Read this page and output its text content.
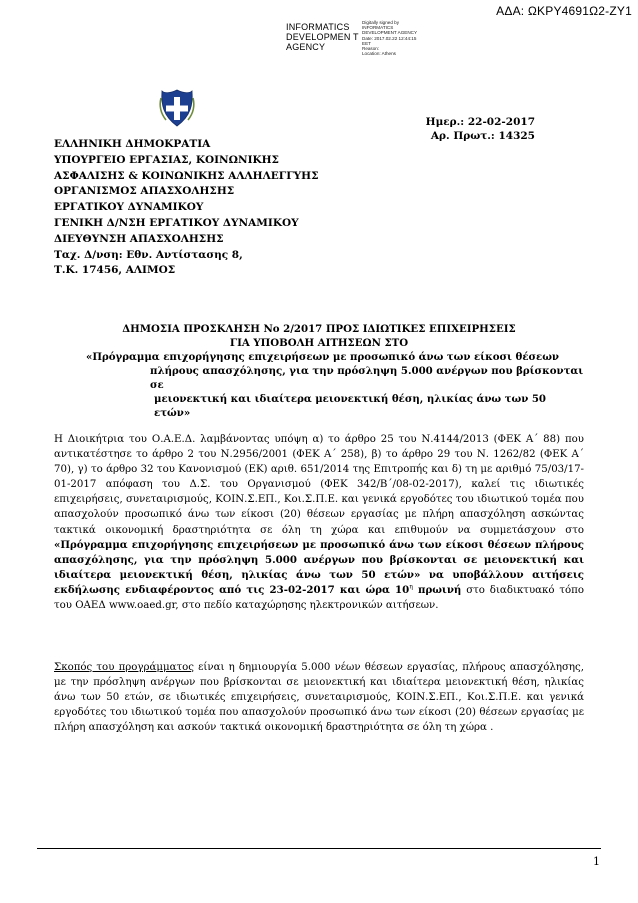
ΑΔΑ: ΩΚΡΥ4691Ω2-ΖΥ1
INFORMATICS DEVELOPMEN T AGENCY
Digitally signed by
INFORMATICS
DEVELOPMENT AGENCY
Date: 2017.02.22 12:44:15
EET
Reason:
Location: Athens
Ημερ.: 22-02-2017
Αρ. Πρωτ.: 14325
ΕΛΛΗΝΙΚΗ ΔΗΜΟΚΡΑΤΙΑ
ΥΠΟΥΡΓΕΙΟ ΕΡΓΑΣΙΑΣ, ΚΟΙΝΩΝΙΚΗΣ
ΑΣΦΑΛΙΣΗΣ & ΚΟΙΝΩΝΙΚΗΣ ΑΛΛΗΛΕΓΓΥΗΣ
ΟΡΓΑΝΙΣΜΟΣ ΑΠΑΣΧΟΛΗΣΗΣ
ΕΡΓΑΤΙΚΟΥ ΔΥΝΑΜΙΚΟΥ
ΓΕΝΙΚΗ Δ/ΝΣΗ ΕΡΓΑΤΙΚΟΥ ΔΥΝΑΜΙΚΟΥ
ΔΙΕΥΘΥΝΣΗ ΑΠΑΣΧΟΛΗΣΗΣ
Ταχ. Δ/νση: Εθν. Αντίστασης 8,
Τ.Κ. 17456, ΑΛΙΜΟΣ
ΔΗΜΟΣΙΑ ΠΡΟΣΚΛΗΣΗ Νο 2/2017 ΠΡΟΣ ΙΔΙΩΤΙΚΕΣ ΕΠΙΧΕΙΡΗΣΕΙΣ
ΓΙΑ ΥΠΟΒΟΛΗ ΑΙΤΗΣΕΩΝ ΣΤΟ
«Πρόγραμμα επιχορήγησης επιχειρήσεων με προσωπικό άνω των είκοσι θέσεων
πλήρους απασχόλησης, για την πρόσληψη 5.000 ανέργων που βρίσκονται σε
μειονεκτική και ιδιαίτερα μειονεκτική θέση, ηλικίας άνω των 50 ετών»
Η Διοικήτρια του Ο.Α.Ε.Δ. λαμβάνοντας υπόψη α) το άρθρο 25 του Ν.4144/2013 (ΦΕΚ Α΄ 88) που αντικατέστησε το άρθρο 2 του Ν.2956/2001 (ΦΕΚ Α΄ 258), β) το άρθρο 29 του Ν. 1262/82 (ΦΕΚ Α΄ 70), γ) το άρθρο 32 του Κανονισμού (ΕΚ) αριθ. 651/2014 της Επιτροπής και δ) τη με αριθμό 75/03/17-01-2017 απόφαση του Δ.Σ. του Οργανισμού (ΦΕΚ 342/Β΄/08-02-2017), καλεί τις ιδιωτικές επιχειρήσεις, συνεταιρισμούς, ΚΟΙΝ.Σ.ΕΠ., Κοι.Σ.Π.Ε. και γενικά εργοδότες του ιδιωτικού τομέα που απασχολούν προσωπικό άνω των είκοσι (20) θέσεων εργασίας με πλήρη απασχόληση ασκώντας τακτικά οικονομική δραστηριότητα σε όλη τη χώρα και επιθυμούν να συμμετάσχουν στο «Πρόγραμμα επιχορήγησης επιχειρήσεων με προσωπικό άνω των είκοσι θέσεων πλήρους απασχόλησης, για την πρόσληψη 5.000 ανέργων που βρίσκονται σε μειονεκτική και ιδιαίτερα μειονεκτική θέση, ηλικίας άνω των 50 ετών» να υποβάλλουν αιτήσεις εκδήλωσης ενδιαφέροντος από τις 23-02-2017 και ώρα $10^\eta$ πρωινή στο διαδικτυακό τόπο του ΟΑΕΔ www.oaed.gr, στο πεδίο καταχώρησης ηλεκτρονικών αιτήσεων.
Σκοπός του προγράμματος είναι η δημιουργία 5.000 νέων θέσεων εργασίας, πλήρους απασχόλησης, με την πρόσληψη ανέργων που βρίσκονται σε μειονεκτική και ιδιαίτερα μειονεκτική θέση, ηλικίας άνω των 50 ετών, σε ιδιωτικές επιχειρήσεις, συνεταιρισμούς, ΚΟΙΝ.Σ.ΕΠ., Κοι.Σ.Π.Ε. και γενικά εργοδότες του ιδιωτικού τομέα που απασχολούν προσωπικό άνω των είκοσι (20) θέσεων εργασίας με πλήρη απασχόληση και ασκούν τακτικά οικονομική δραστηριότητα σε όλη τη χώρα .
1
